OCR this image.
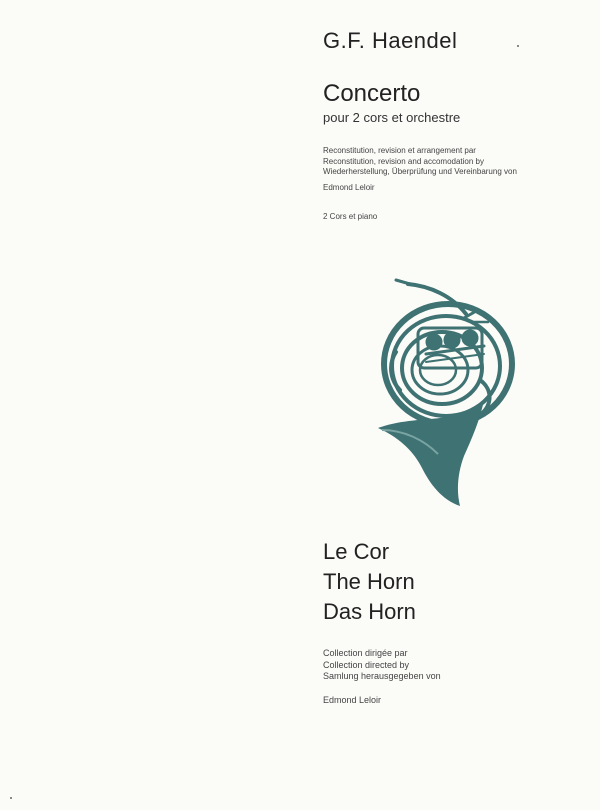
G.F. Haendel
Concerto
pour 2 cors et orchestre
Reconstitution, revision et arrangement par
Reconstitution, revision and accomodation by
Wiederherstellung, Überprüfung und Vereinbarung von
Edmond Leloir
2 Cors et piano
Le Cor
The Horn
Das Horn
Collection dirigée par
Collection directed by
Samlung herausgegeben von
Edmond Leloir
